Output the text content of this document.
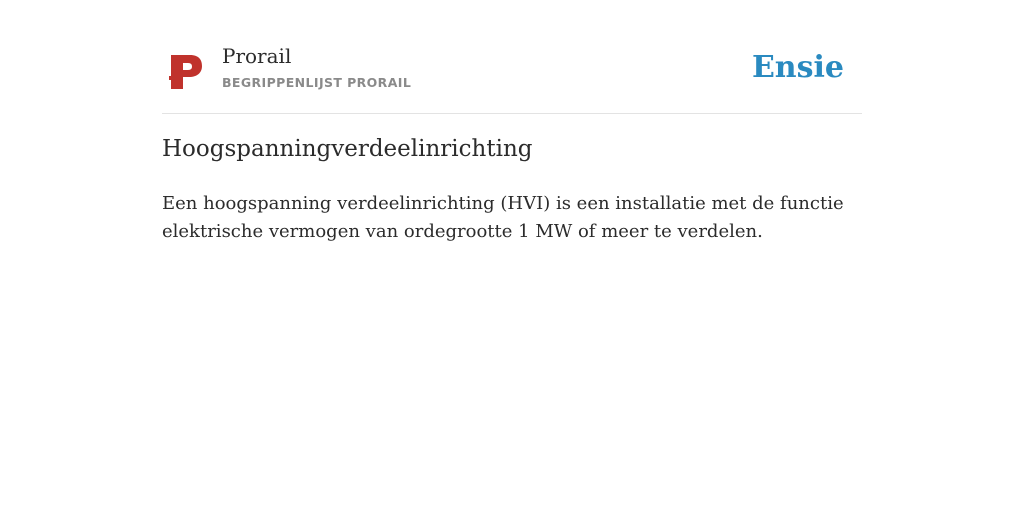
Prorail
BEGRIPPENLIJST PRORAIL	Ensie
Hoogspanningverdeelinrichting

Een hoogspanning verdeelinrichting (HVI) is een installatie met de functie elektrische vermogen van ordegrootte 1 MW of meer te verdelen.
